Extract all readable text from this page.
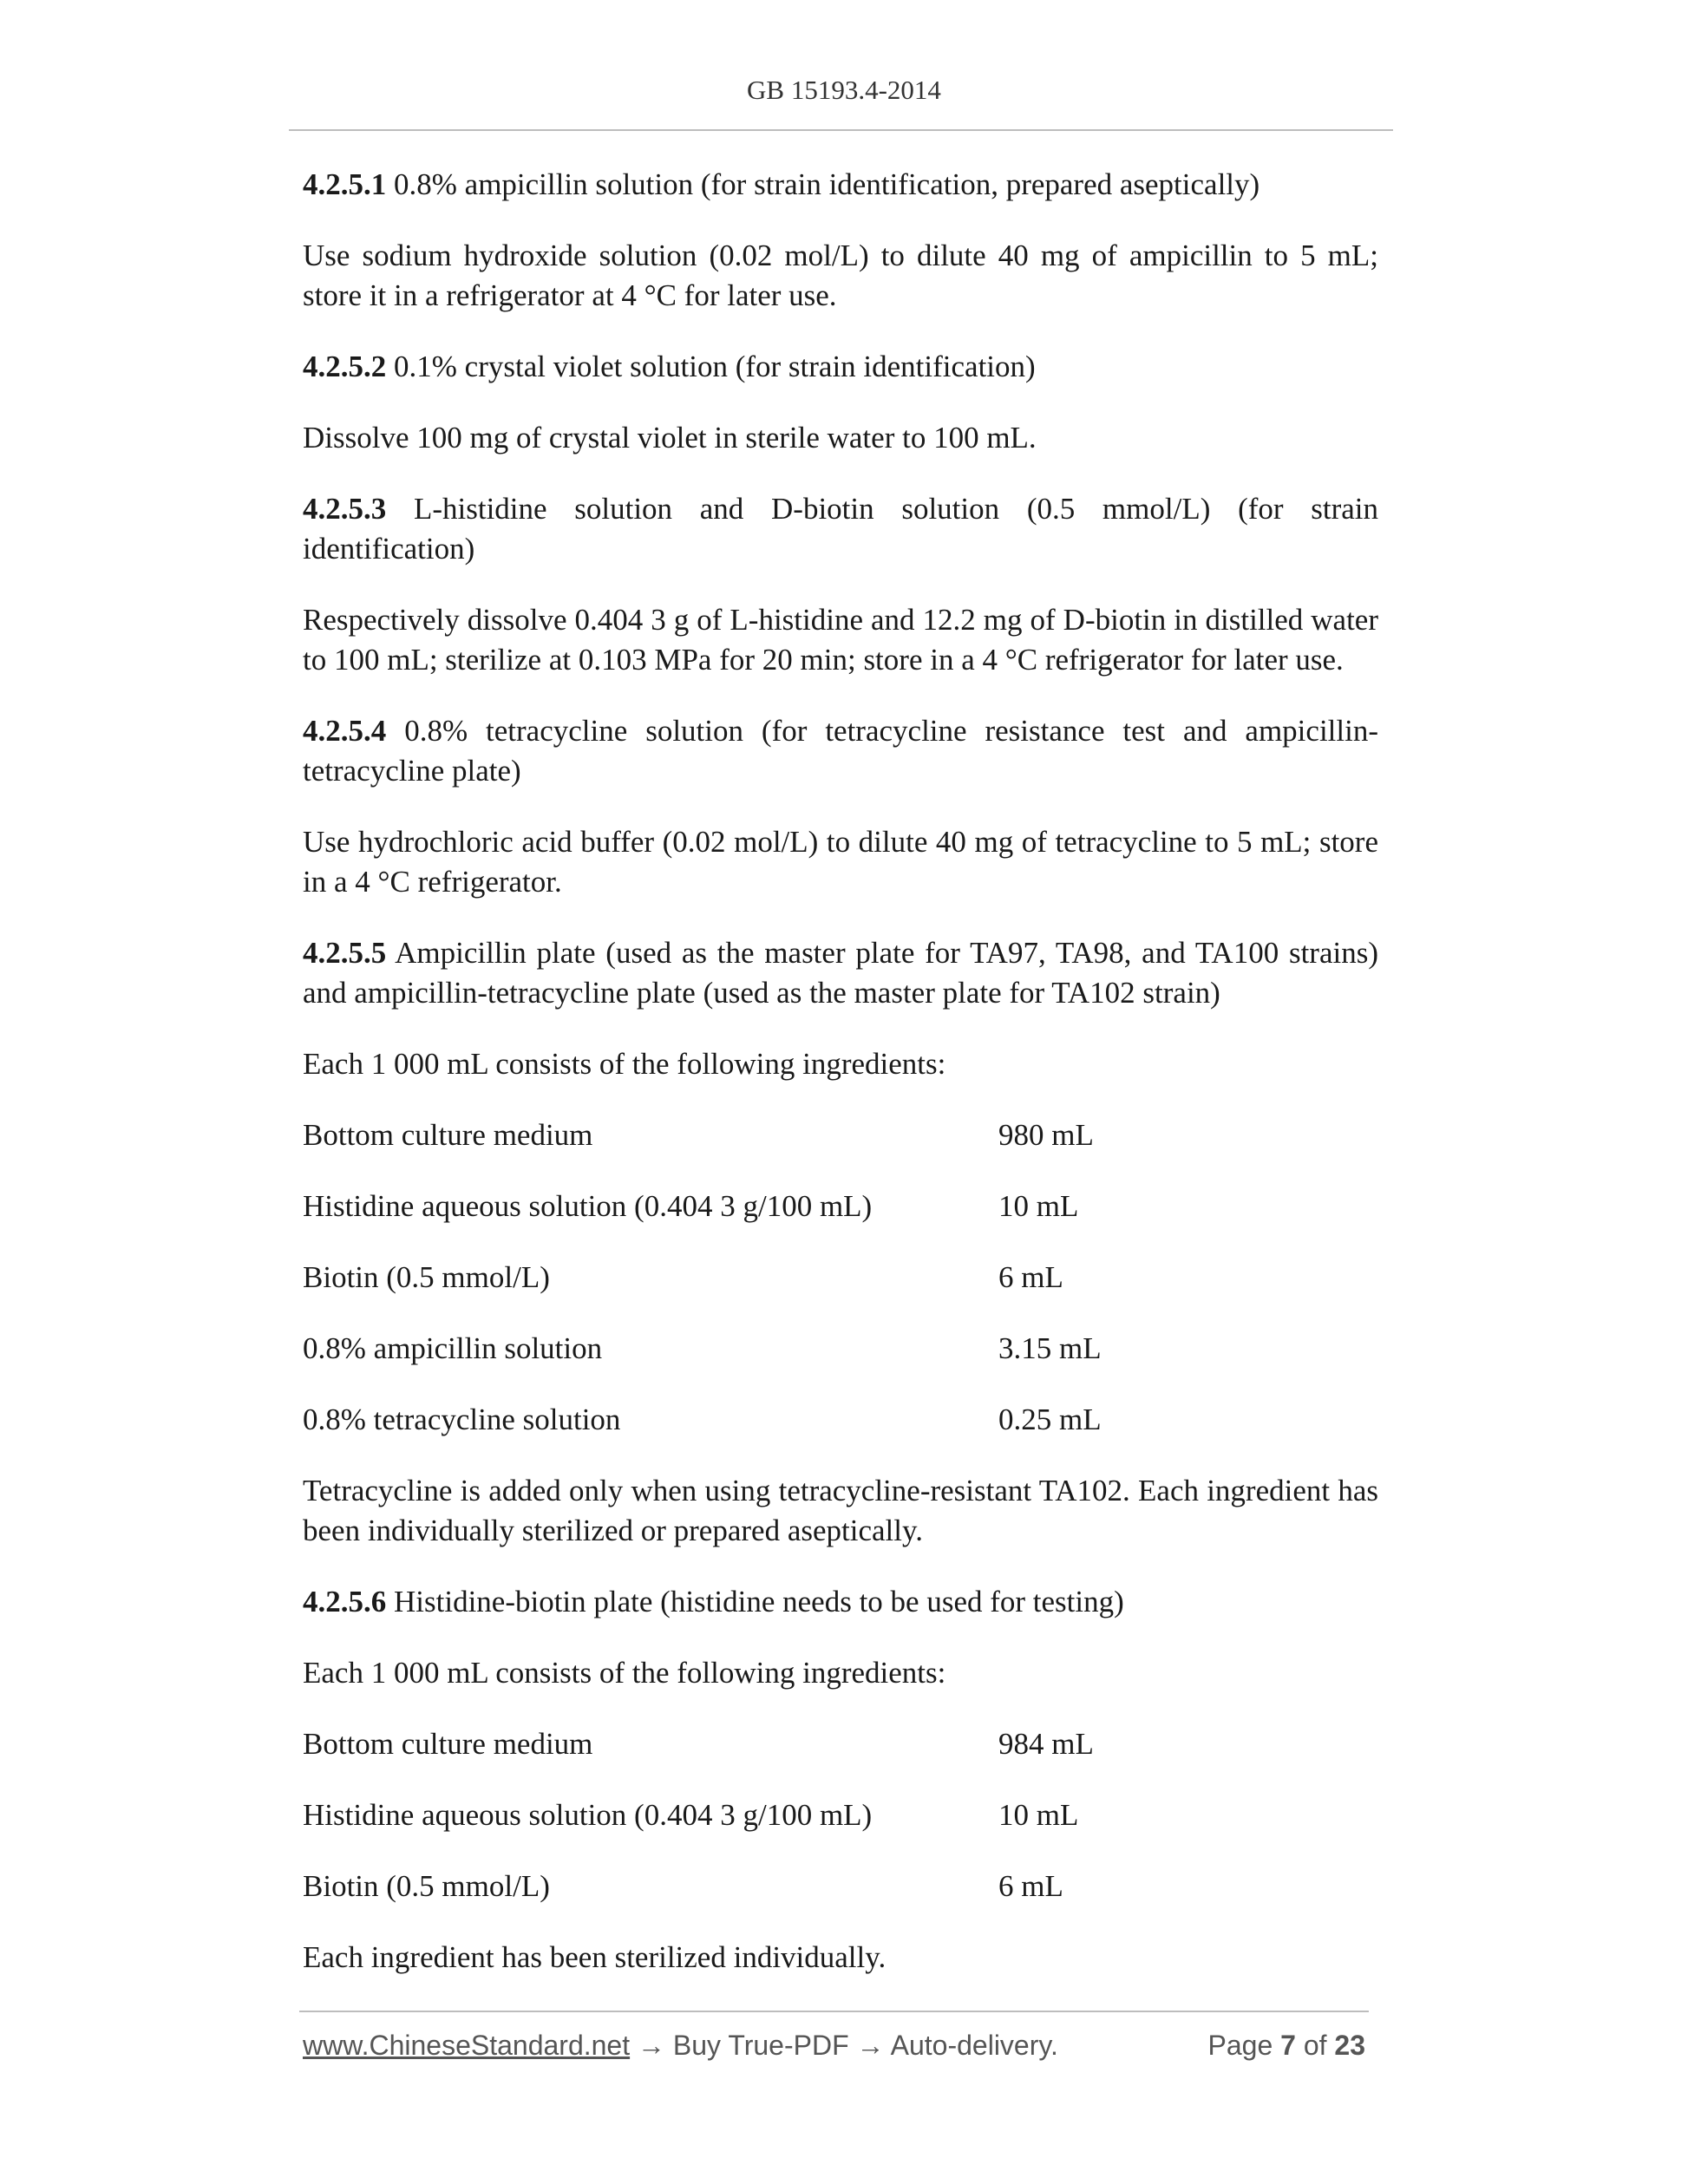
GB 15193.4-2014

4.2.5.1 0.8% ampicillin solution (for strain identification, prepared aseptically)

Use sodium hydroxide solution (0.02 mol/L) to dilute 40 mg of ampicillin to 5 mL; store it in a refrigerator at 4 °C for later use.

4.2.5.2 0.1% crystal violet solution (for strain identification)

Dissolve 100 mg of crystal violet in sterile water to 100 mL.

4.2.5.3 L-histidine solution and D-biotin solution (0.5 mmol/L) (for strain identification)

Respectively dissolve 0.404 3 g of L-histidine and 12.2 mg of D-biotin in distilled water to 100 mL; sterilize at 0.103 MPa for 20 min; store in a 4 °C refrigerator for later use.

4.2.5.4 0.8% tetracycline solution (for tetracycline resistance test and ampicillin-tetracycline plate)

Use hydrochloric acid buffer (0.02 mol/L) to dilute 40 mg of tetracycline to 5 mL; store in a 4 °C refrigerator.

4.2.5.5 Ampicillin plate (used as the master plate for TA97, TA98, and TA100 strains) and ampicillin-tetracycline plate (used as the master plate for TA102 strain)

Each 1 000 mL consists of the following ingredients:

Bottom culture medium	980 mL
Histidine aqueous solution (0.404 3 g/100 mL)	10 mL
Biotin (0.5 mmol/L)	6 mL
0.8% ampicillin solution	3.15 mL
0.8% tetracycline solution	0.25 mL

Tetracycline is added only when using tetracycline-resistant TA102. Each ingredient has been individually sterilized or prepared aseptically.

4.2.5.6 Histidine-biotin plate (histidine needs to be used for testing)

Each 1 000 mL consists of the following ingredients:

Bottom culture medium	984 mL
Histidine aqueous solution (0.404 3 g/100 mL)	10 mL
Biotin (0.5 mmol/L)	6 mL

Each ingredient has been sterilized individually.

www.ChineseStandard.net → Buy True-PDF → Auto-delivery.	Page 7 of 23
